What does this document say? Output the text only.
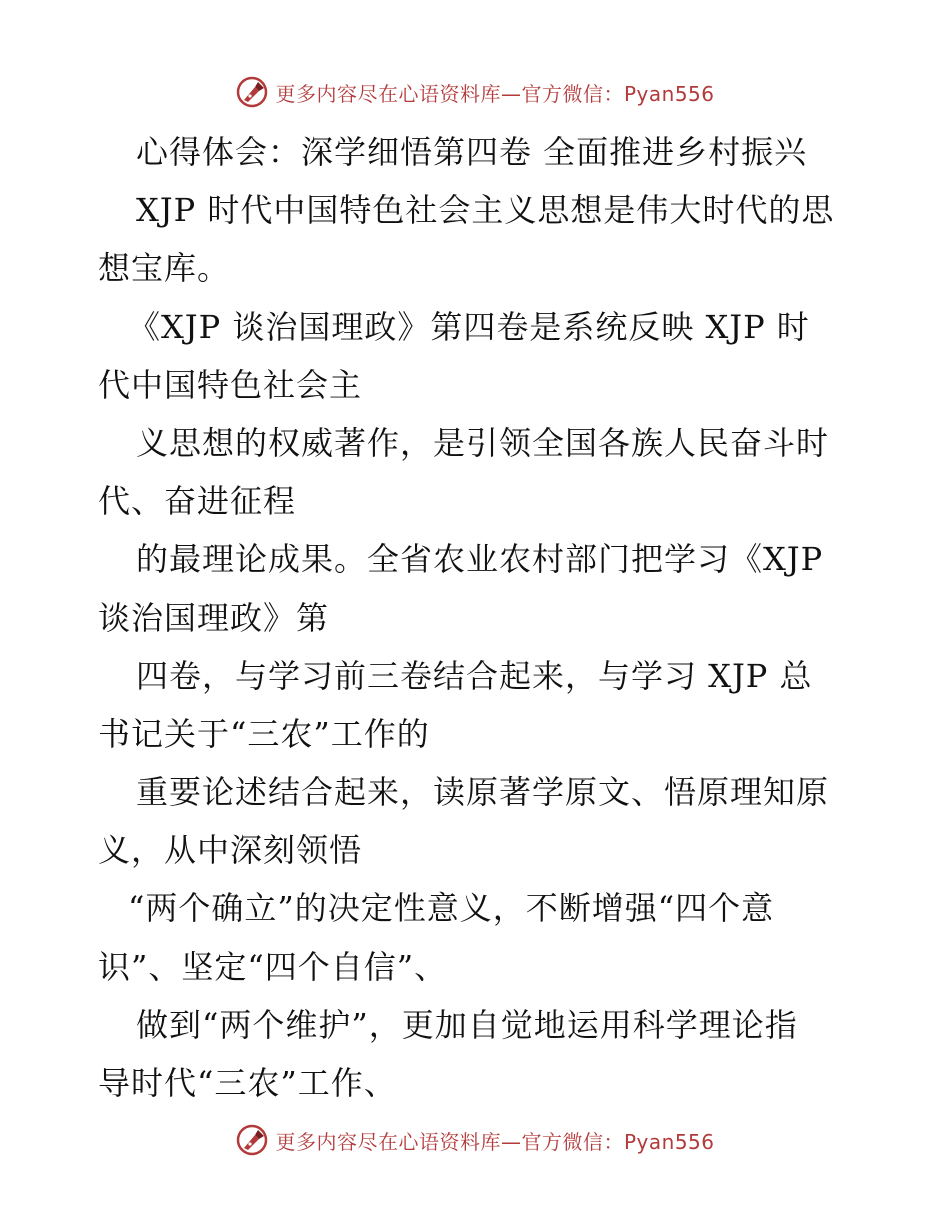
更多内容尽在心语资料库—官方微信：Pyan556
心得体会：深学细悟第四卷 全面推进乡村振兴
XJP 时代中国特色社会主义思想是伟大时代的思
想宝库。
《XJP 谈治国理政》第四卷是系统反映 XJP 时
代中国特色社会主
义思想的权威著作，是引领全国各族人民奋斗时
代、奋进征程
的最理论成果。全省农业农村部门把学习《XJP
谈治国理政》第
四卷，与学习前三卷结合起来，与学习 XJP 总
书记关于“三农”工作的
重要论述结合起来，读原著学原文、悟原理知原
义，从中深刻领悟
“两个确立”的决定性意义，不断增强“四个意
识”、坚定“四个自信”、
做到“两个维护”，更加自觉地运用科学理论指
导时代“三农”工作、
更多内容尽在心语资料库—官方微信：Pyan556
